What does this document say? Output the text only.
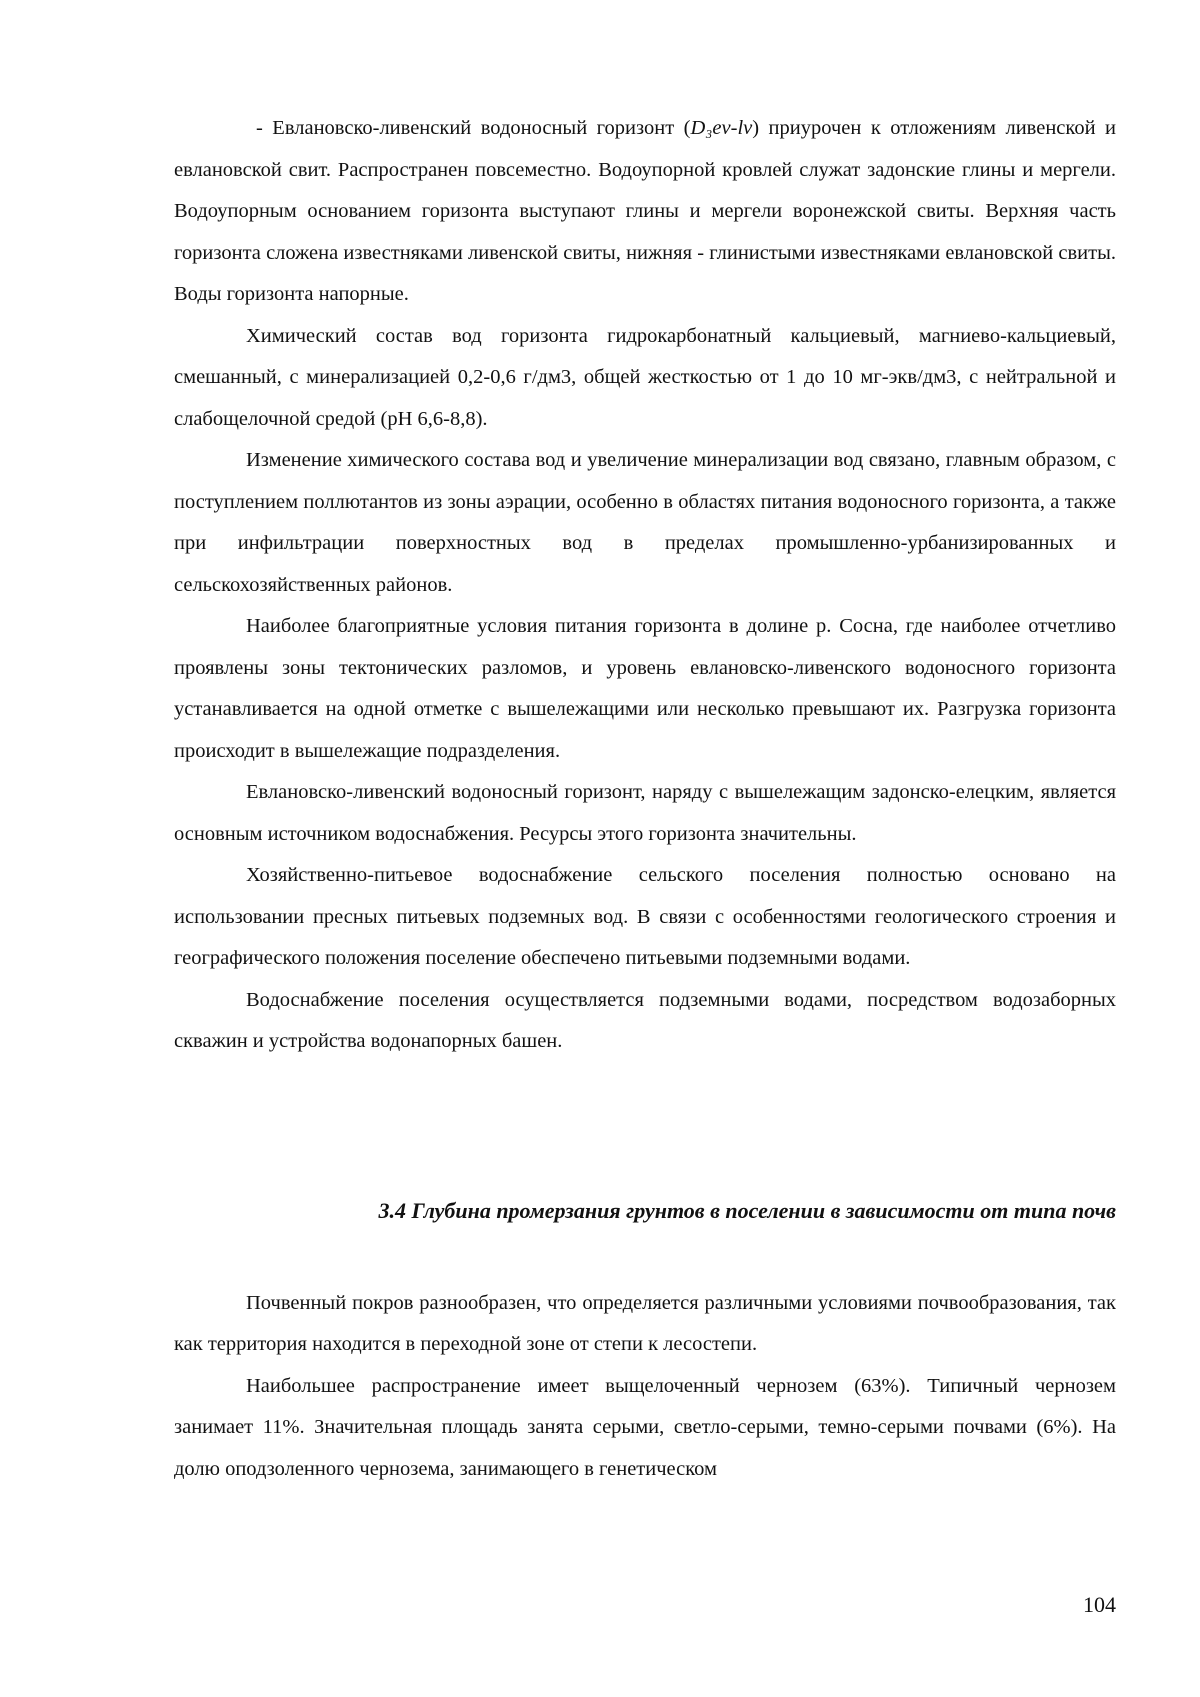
- Евлановско-ливенский водоносный горизонт (D₃ev-lv) приурочен к отложениям ливенской и евлановской свит. Распространен повсеместно. Водоупорной кровлей служат задонские глины и мергели. Водоупорным основанием горизонта выступают глины и мергели воронежской свиты. Верхняя часть горизонта сложена известняками ливенской свиты, нижняя - глинистыми известняками евлановской свиты. Воды горизонта напорные.

Химический состав вод горизонта гидрокарбонатный кальциевый, магниево-кальциевый, смешанный, с минерализацией 0,2-0,6 г/дм3, общей жесткостью от 1 до 10 мг-экв/дм3, с нейтральной и слабощелочной средой (рН 6,6-8,8).

Изменение химического состава вод и увеличение минерализации вод связано, главным образом, с поступлением поллютантов из зоны аэрации, особенно в областях питания водоносного горизонта, а также при инфильтрации поверхностных вод в пределах промышленно-урбанизированных и сельскохозяйственных районов.

Наиболее благоприятные условия питания горизонта в долине р. Сосна, где наиболее отчетливо проявлены зоны тектонических разломов, и уровень евлановско-ливенского водоносного горизонта устанавливается на одной отметке с вышележащими или несколько превышают их. Разгрузка горизонта происходит в вышележащие подразделения.

Евлановско-ливенский водоносный горизонт, наряду с вышележащим задонско-елецким, является основным источником водоснабжения. Ресурсы этого горизонта значительны.

Хозяйственно-питьевое водоснабжение сельского поселения полностью основано на использовании пресных питьевых подземных вод. В связи с особенностями геологического строения и географического положения поселение обеспечено питьевыми подземными водами.

Водоснабжение поселения осуществляется подземными водами, посредством водозаборных скважин и устройства водонапорных башен.

3.4 Глубина промерзания грунтов в поселении в зависимости от типа почв

Почвенный покров разнообразен, что определяется различными условиями почвообразования, так как территория находится в переходной зоне от степи к лесостепи.

Наибольшее распространение имеет выщелоченный чернозем (63%). Типичный чернозем занимает 11%. Значительная площадь занята серыми, светло-серыми, темно-серыми почвами (6%). На долю оподзоленного чернозема, занимающего в генетическом

104
